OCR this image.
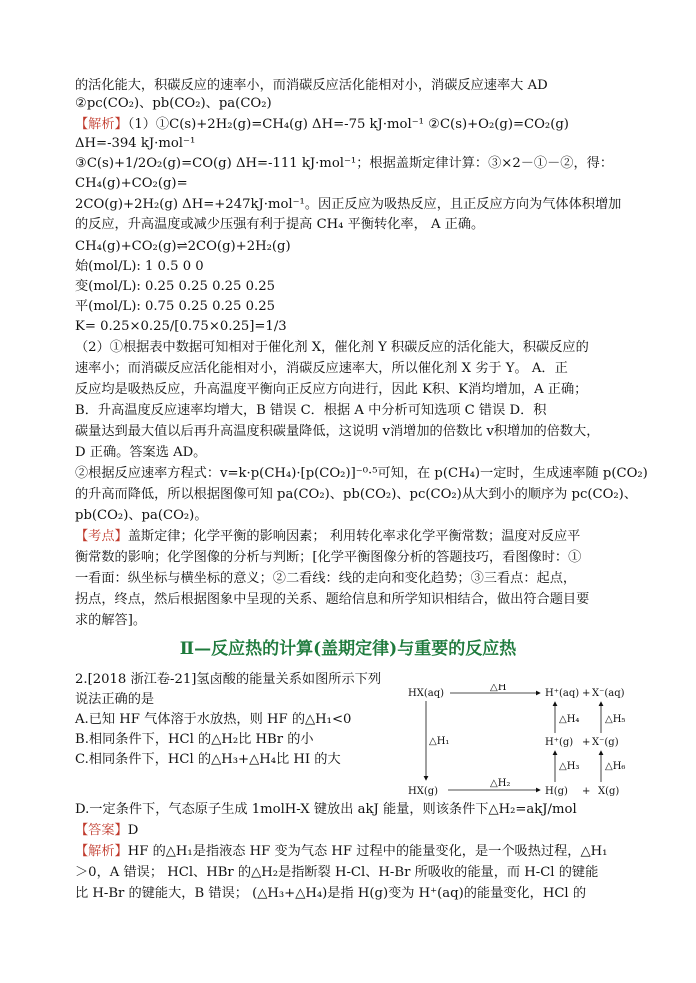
的活化能大，积碳反应的速率小，而消碳反应活化能相对小，消碳反应速率大 AD
②pc(CO₂)、pb(CO₂)、pa(CO₂)
【解析】（1）①C(s)+2H₂(g)=CH₄(g) ΔH=-75 kJ·mol⁻¹ ②C(s)+O₂(g)=CO₂(g)
ΔH=-394 kJ·mol⁻¹
③C(s)+1/2O₂(g)=CO(g) ΔH=-111 kJ·mol⁻¹；根据盖斯定律计算：③×2－①－②，得：
CH₄(g)+CO₂(g)=
2CO(g)+2H₂(g) ΔH=+247kJ·mol⁻¹。因正反应为吸热反应，且正反应方向为气体体积增加
的反应，升高温度或减少压强有利于提高 CH₄ 平衡转化率， A 正确。
CH₄(g)+CO₂(g)⇌2CO(g)+2H₂(g)
始(mol/L): 1 0.5 0 0
变(mol/L): 0.25 0.25 0.25 0.25
平(mol/L): 0.75 0.25 0.25 0.25
K= 0.25×0.25/[0.75×0.25]=1/3
（2）①根据表中数据可知相对于催化剂 X，催化剂 Y 积碳反应的活化能大，积碳反应的
速率小；而消碳反应活化能相对小，消碳反应速率大，所以催化剂 X 劣于 Y。 A．正
反应均是吸热反应，升高温度平衡向正反应方向进行，因此 K积、K消均增加，A 正确；
B．升高温度反应速率均增大，B 错误 C．根据 A 中分析可知选项 C 错误 D．积
碳量达到最大值以后再升高温度积碳量降低，这说明 v消增加的倍数比 v积增加的倍数大，
D 正确。答案选 AD。
②根据反应速率方程式：v=k·p(CH₄)·[p(CO₂)]⁻⁰·⁵可知，在 p(CH₄)一定时，生成速率随 p(CO₂)
的升高而降低，所以根据图像可知 pa(CO₂)、pb(CO₂)、pc(CO₂)从大到小的顺序为 pc(CO₂)、
pb(CO₂)、pa(CO₂)。
【考点】盖斯定律；化学平衡的影响因素； 利用转化率求化学平衡常数；温度对反应平
衡常数的影响；化学图像的分析与判断；[化学平衡图像分析的答题技巧，看图像时：①
一看面：纵坐标与横坐标的意义；②二看线：线的走向和变化趋势；③三看点：起点，
拐点，终点，然后根据图象中呈现的关系、题给信息和所学知识相结合，做出符合题目要
求的解答]。
2.[2018 浙江卷-21]氢卤酸的能量关系如图所示下列
说法正确的是
A.已知 HF 气体溶于水放热，则 HF 的△H₁<0
B.相同条件下，HCl 的△H₂比 HBr 的小
C.相同条件下，HCl 的△H₃+△H₄比 HI 的大
D.一定条件下，气态原子生成 1molH-X 键放出 akJ 能量，则该条件下△H₂=akJ/mol
【答案】D
【解析】HF 的△H₁是指液态 HF 变为气态 HF 过程中的能量变化，是一个吸热过程，△H₁
＞0，A 错误； HCl、HBr 的△H₂是指断裂 H-Cl、H-Br 所吸收的能量，而 H-Cl 的键能
比 H-Br 的键能大，B 错误； (△H₃+△H₄)是指 H(g)变为 H⁺(aq)的能量变化，HCl 的
Ⅱ—反应热的计算(盖期定律)与重要的反应热
HX(aq)
△H
H⁺(aq) + X⁻(aq)
△H₁
△H₄	△H₅
H⁺(g) + X⁻(g)
△H₃	△H₆
HX(g)
△H₂
H(g) + X(g)
